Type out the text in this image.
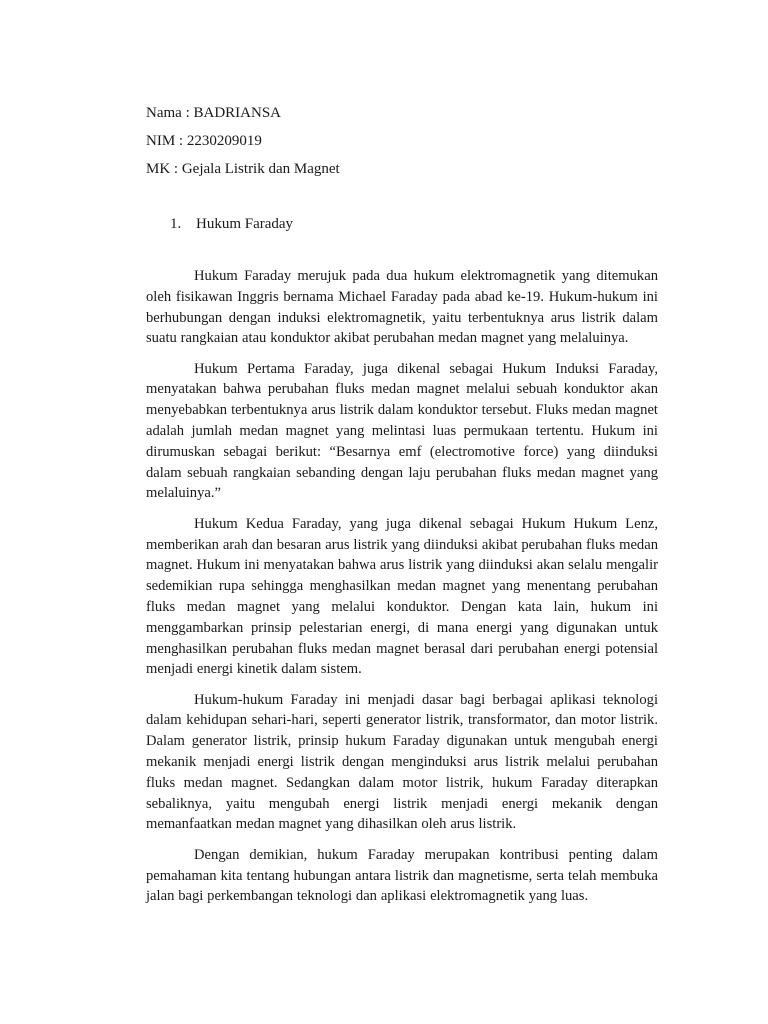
Nama : BADRIANSA
NIM : 2230209019
MK : Gejala Listrik dan Magnet
1. Hukum Faraday

Hukum Faraday merujuk pada dua hukum elektromagnetik yang ditemukan oleh fisikawan Inggris bernama Michael Faraday pada abad ke-19. Hukum-hukum ini berhubungan dengan induksi elektromagnetik, yaitu terbentuknya arus listrik dalam suatu rangkaian atau konduktor akibat perubahan medan magnet yang melaluinya.

Hukum Pertama Faraday, juga dikenal sebagai Hukum Induksi Faraday, menyatakan bahwa perubahan fluks medan magnet melalui sebuah konduktor akan menyebabkan terbentuknya arus listrik dalam konduktor tersebut. Fluks medan magnet adalah jumlah medan magnet yang melintasi luas permukaan tertentu. Hukum ini dirumuskan sebagai berikut: “Besarnya emf (electromotive force) yang diinduksi dalam sebuah rangkaian sebanding dengan laju perubahan fluks medan magnet yang melaluinya.”

Hukum Kedua Faraday, yang juga dikenal sebagai Hukum Hukum Lenz, memberikan arah dan besaran arus listrik yang diinduksi akibat perubahan fluks medan magnet. Hukum ini menyatakan bahwa arus listrik yang diinduksi akan selalu mengalir sedemikian rupa sehingga menghasilkan medan magnet yang menentang perubahan fluks medan magnet yang melalui konduktor. Dengan kata lain, hukum ini menggambarkan prinsip pelestarian energi, di mana energi yang digunakan untuk menghasilkan perubahan fluks medan magnet berasal dari perubahan energi potensial menjadi energi kinetik dalam sistem.

Hukum-hukum Faraday ini menjadi dasar bagi berbagai aplikasi teknologi dalam kehidupan sehari-hari, seperti generator listrik, transformator, dan motor listrik. Dalam generator listrik, prinsip hukum Faraday digunakan untuk mengubah energi mekanik menjadi energi listrik dengan menginduksi arus listrik melalui perubahan fluks medan magnet. Sedangkan dalam motor listrik, hukum Faraday diterapkan sebaliknya, yaitu mengubah energi listrik menjadi energi mekanik dengan memanfaatkan medan magnet yang dihasilkan oleh arus listrik.

Dengan demikian, hukum Faraday merupakan kontribusi penting dalam pemahaman kita tentang hubungan antara listrik dan magnetisme, serta telah membuka jalan bagi perkembangan teknologi dan aplikasi elektromagnetik yang luas.
